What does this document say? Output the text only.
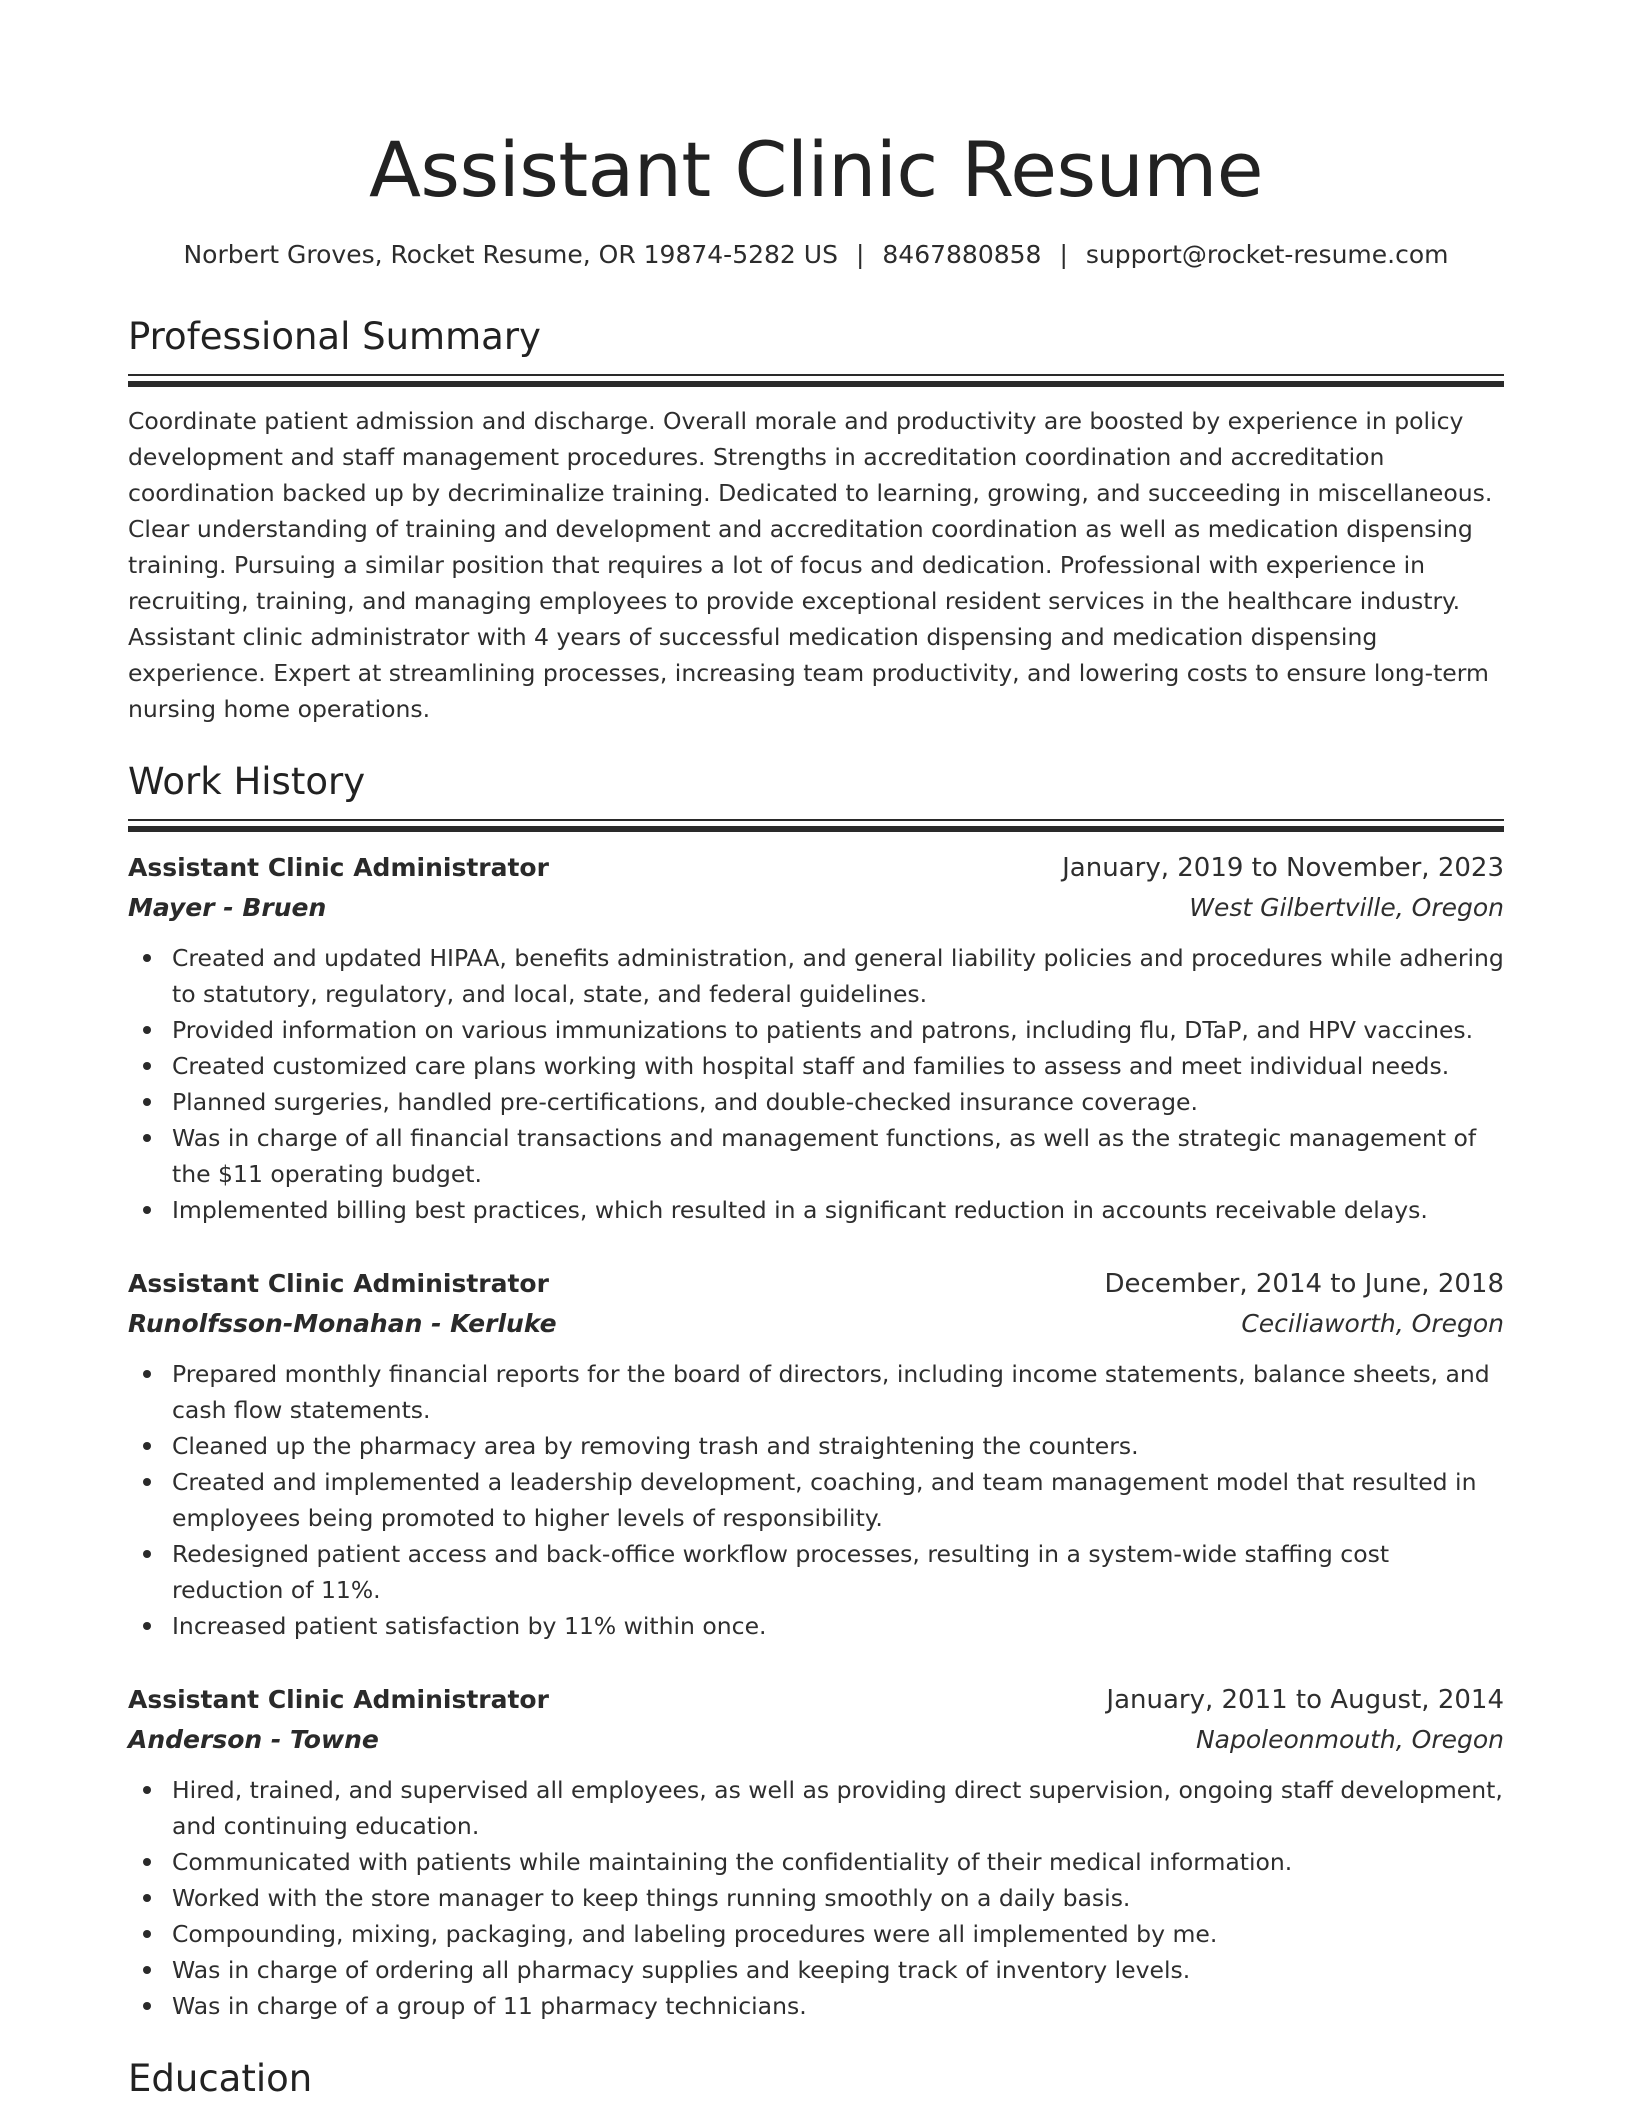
Assistant Clinic Resume
Norbert Groves, Rocket Resume, OR 19874-5282 US | 8467880858 | support@rocket-resume.com
Professional Summary

Coordinate patient admission and discharge. Overall morale and productivity are boosted by experience in policy development and staff management procedures. Strengths in accreditation coordination and accreditation coordination backed up by decriminalize training. Dedicated to learning, growing, and succeeding in miscellaneous. Clear understanding of training and development and accreditation coordination as well as medication dispensing training. Pursuing a similar position that requires a lot of focus and dedication. Professional with experience in recruiting, training, and managing employees to provide exceptional resident services in the healthcare industry. Assistant clinic administrator with 4 years of successful medication dispensing and medication dispensing experience. Expert at streamlining processes, increasing team productivity, and lowering costs to ensure long-term nursing home operations.

Work History
Assistant Clinic Administrator	January, 2019 to November, 2023
Mayer - Bruen	West Gilbertville, Oregon
Created and updated HIPAA, benefits administration, and general liability policies and procedures while adhering to statutory, regulatory, and local, state, and federal guidelines.
Provided information on various immunizations to patients and patrons, including flu, DTaP, and HPV vaccines.
Created customized care plans working with hospital staff and families to assess and meet individual needs.
Planned surgeries, handled pre-certifications, and double-checked insurance coverage.
Was in charge of all financial transactions and management functions, as well as the strategic management of the $11 operating budget.
Implemented billing best practices, which resulted in a significant reduction in accounts receivable delays.
Assistant Clinic Administrator	December, 2014 to June, 2018
Runolfsson-Monahan - Kerluke	Ceciliaworth, Oregon
Prepared monthly financial reports for the board of directors, including income statements, balance sheets, and cash flow statements.
Cleaned up the pharmacy area by removing trash and straightening the counters.
Created and implemented a leadership development, coaching, and team management model that resulted in employees being promoted to higher levels of responsibility.
Redesigned patient access and back-office workflow processes, resulting in a system-wide staffing cost reduction of 11%.
Increased patient satisfaction by 11% within once.
Assistant Clinic Administrator	January, 2011 to August, 2014
Anderson - Towne	Napoleonmouth, Oregon
Hired, trained, and supervised all employees, as well as providing direct supervision, ongoing staff development, and continuing education.
Communicated with patients while maintaining the confidentiality of their medical information.
Worked with the store manager to keep things running smoothly on a daily basis.
Compounding, mixing, packaging, and labeling procedures were all implemented by me.
Was in charge of ordering all pharmacy supplies and keeping track of inventory levels.
Was in charge of a group of 11 pharmacy technicians.
Education
